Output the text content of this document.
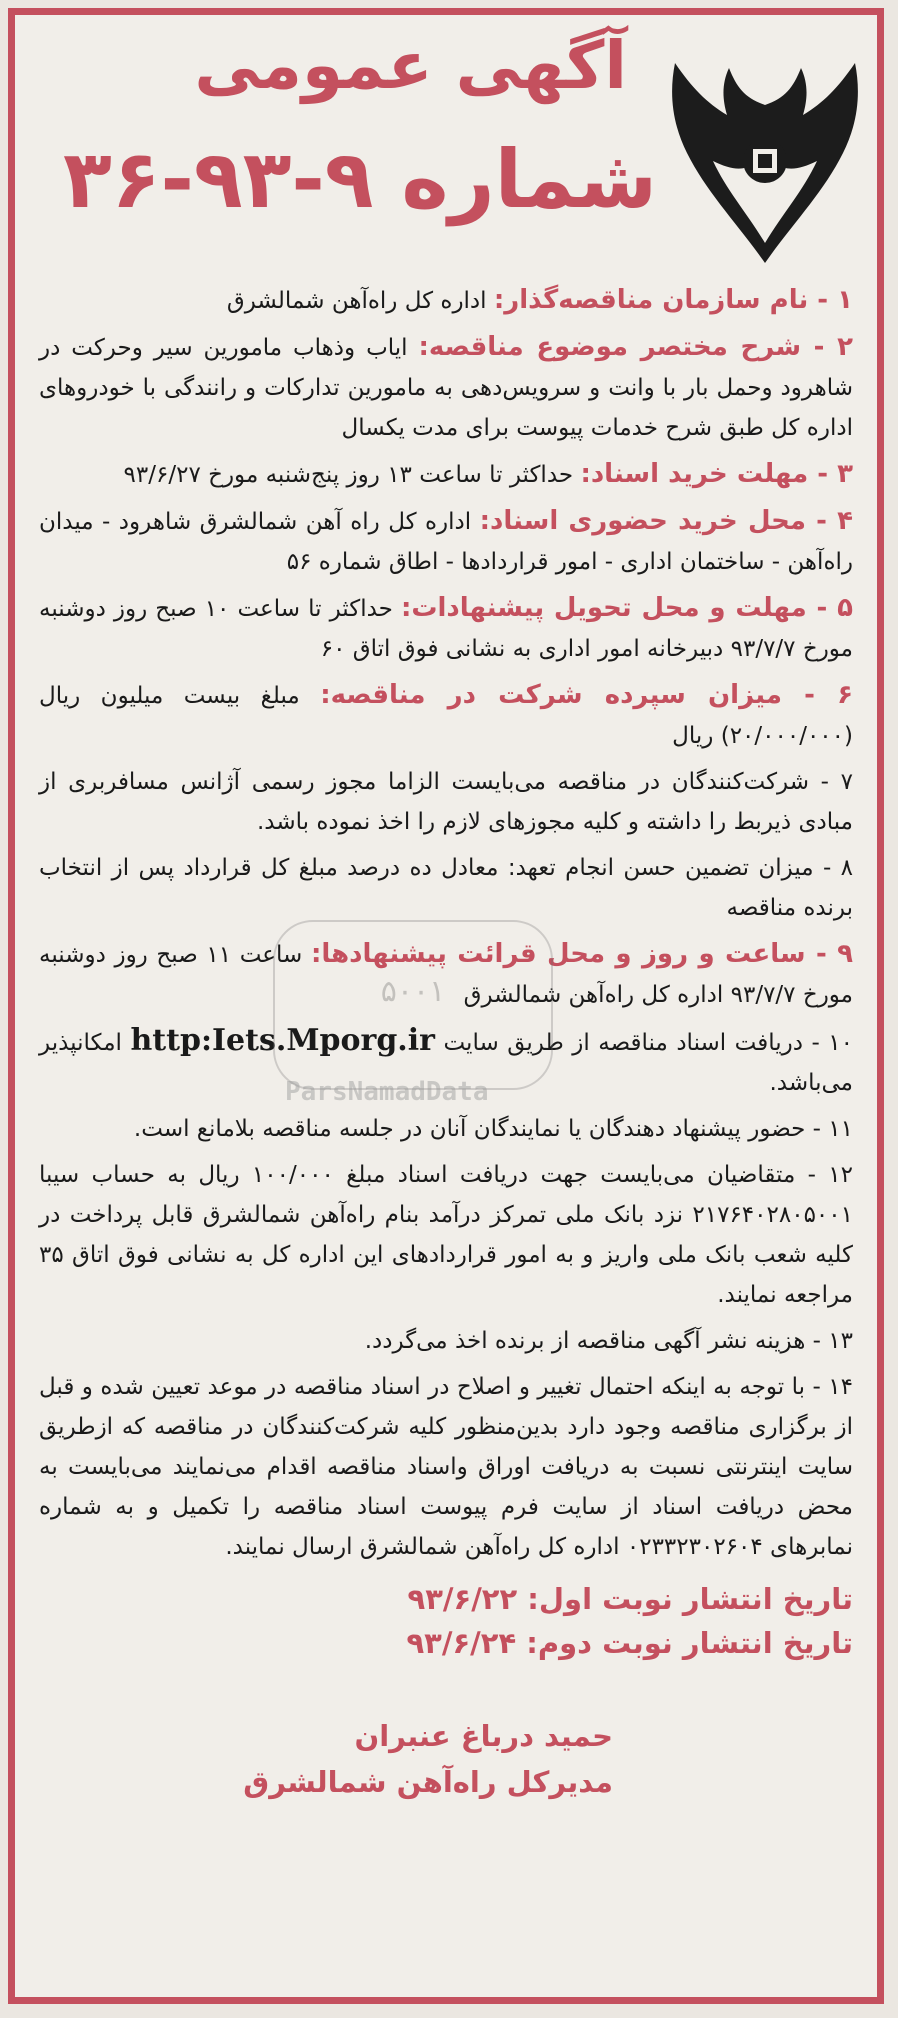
آگهی عمومی
شماره ۹-۹۳-۳۶

۱ - نام سازمان مناقصه‌گذار: اداره کل راه‌آهن شمالشرق

۲ - شرح مختصر موضوع مناقصه: ایاب وذهاب مامورین سیر وحرکت در شاهرود وحمل بار با وانت و سرویس‌دهی به مامورین تدارکات و رانندگی با خودروهای اداره کل طبق شرح خدمات پیوست برای مدت یکسال

۳ - مهلت خرید اسناد: حداکثر تا ساعت ۱۳ روز پنج‌شنبه مورخ ۹۳/۶/۲۷

۴ - محل خرید حضوری اسناد: اداره کل راه آهن شمالشرق شاهرود - میدان راه‌آهن - ساختمان اداری - امور قراردادها - اطاق شماره ۵۶

۵ - مهلت و محل تحویل پیشنهادات: حداکثر تا ساعت ۱۰ صبح روز دوشنبه مورخ ۹۳/۷/۷ دبیرخانه امور اداری به نشانی فوق اتاق ۶۰

۶ - میزان سپرده شرکت در مناقصه: مبلغ بیست میلیون ریال (۲۰/۰۰۰/۰۰۰) ریال

۷ - شرکت‌کنندگان در مناقصه می‌بایست الزاما مجوز رسمی آژانس مسافربری از مبادی ذیربط را داشته و کلیه مجوزهای لازم را اخذ نموده باشد.

۸ - میزان تضمین حسن انجام تعهد: معادل ده درصد مبلغ کل قرارداد پس از انتخاب برنده مناقصه

۹ - ساعت و روز و محل قرائت پیشنهادها: ساعت ۱۱ صبح روز دوشنبه مورخ ۹۳/۷/۷ اداره کل راه‌آهن شمالشرق

۱۰ - دریافت اسناد مناقصه از طریق سایت http:Iets.Mporg.ir امکانپذیر می‌باشد.

۱۱ - حضور پیشنهاد دهندگان یا نمایندگان آنان در جلسه مناقصه بلامانع است.

۱۲ - متقاضیان می‌بایست جهت دریافت اسناد مبلغ ۱۰۰/۰۰۰ ریال به حساب سیبا ۲۱۷۶۴۰۲۸۰۵۰۰۱ نزد بانک ملی تمرکز درآمد بنام راه‌آهن شمالشرق قابل پرداخت در کلیه شعب بانک ملی واریز و به امور قراردادهای این اداره کل به نشانی فوق اتاق ۳۵ مراجعه نمایند.

۱۳ - هزینه نشر آگهی مناقصه از برنده اخذ می‌گردد.

۱۴ - با توجه به اینکه احتمال تغییر و اصلاح در اسناد مناقصه در موعد تعیین شده و قبل از برگزاری مناقصه وجود دارد بدین‌منظور کلیه شرکت‌کنندگان در مناقصه که ازطریق سایت اینترنتی نسبت به دریافت اوراق واسناد مناقصه اقدام می‌نمایند می‌بایست به محض دریافت اسناد از سایت فرم پیوست اسناد مناقصه را تکمیل و به شماره نمابرهای ۰۲۳۳۲۳۰۲۶۰۴ اداره کل راه‌آهن شمالشرق ارسال نمایند.

تاریخ انتشار نوبت اول: ۹۳/۶/۲۲
تاریخ انتشار نوبت دوم: ۹۳/۶/۲۴
حمید درباغ عنبران
مدیرکل راه‌آهن شمالشرق
۵۰۰۱
ParsNamadData
